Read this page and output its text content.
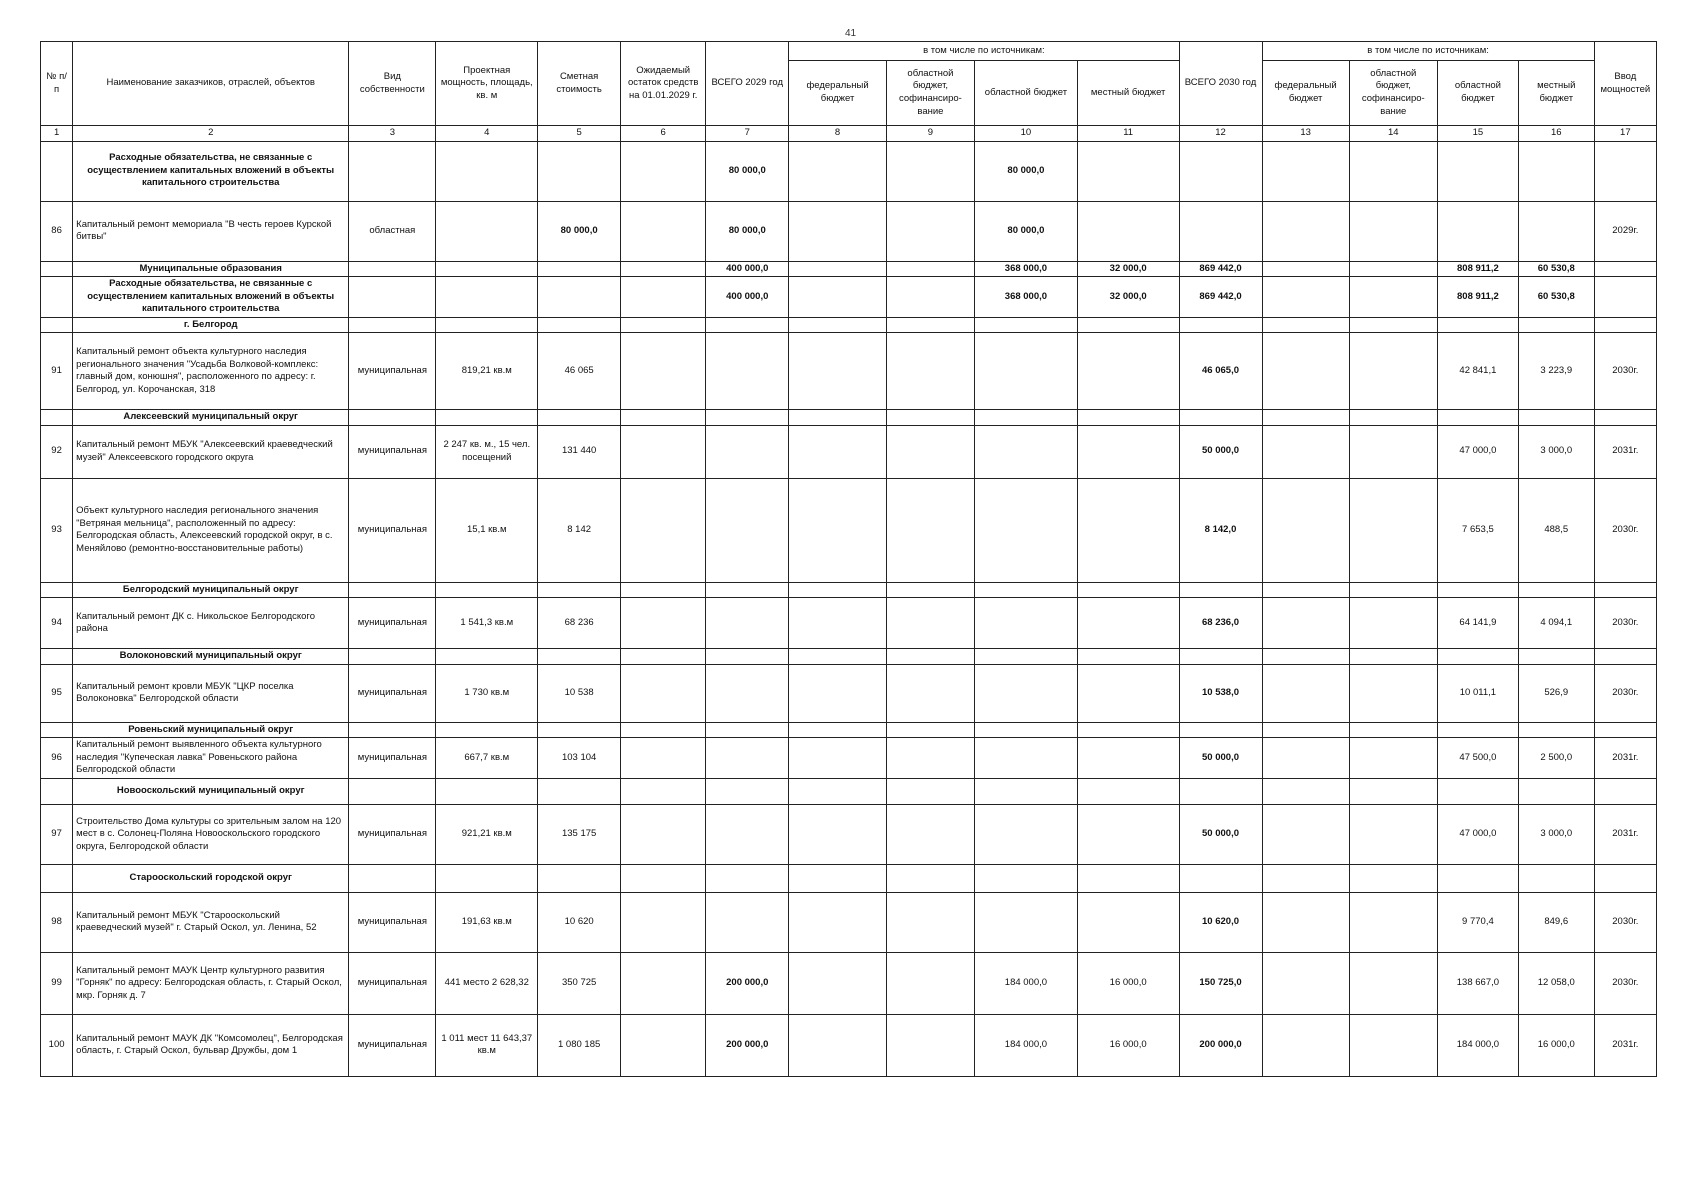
41
№ п/п	Наименование заказчиков, отраслей, объектов	Вид собственности	Проектная мощность, площадь, кв. м	Сметная стоимость	Ожидаемый остаток средств на 01.01.2029 г.	ВСЕГО 2029 год	в том числе по источникам:				ВСЕГО 2030 год	в том числе по источникам:				Ввод мощностей
							федеральный бюджет	областной бюджет, софинансиро-вание	областной бюджет	местный бюджет		федеральный бюджет	областной бюджет, софинансиро-вание	областной бюджет	местный бюджет	
1	2	3	4	5	6	7	8	9	10	11	12	13	14	15	16	17
	Расходные обязательства, не связанные с осуществлением капитальных вложений в объекты капитального строительства					80 000,0			80 000,0							
86	Капитальный ремонт мемориала "В честь героев Курской битвы"	областная		80 000,0		80 000,0			80 000,0							2029г.
	Муниципальные образования					400 000,0			368 000,0	32 000,0	869 442,0			808 911,2	60 530,8	
	Расходные обязательства, не связанные с осуществлением капитальных вложений в объекты капитального строительства					400 000,0			368 000,0	32 000,0	869 442,0			808 911,2	60 530,8	
	г. Белгород															
91	Капитальный ремонт объекта культурного наследия регионального значения "Усадьба Волковой-комплекс: главный дом, конюшня", расположенного по адресу: г. Белгород, ул. Корочанская, 318	муниципальная	819,21 кв.м	46 065							46 065,0			42 841,1	3 223,9	2030г.
	Алексеевский муниципальный округ															
92	Капитальный ремонт МБУК "Алексеевский краеведческий музей" Алексеевского городского округа	муниципальная	2 247 кв. м., 15 чел. посещений	131 440							50 000,0			47 000,0	3 000,0	2031г.
93	Объект культурного наследия регионального значения "Ветряная мельница", расположенный по адресу: Белгородская область, Алексеевский городской округ, в с. Меняйлово (ремонтно-восстановительные работы)	муниципальная	15,1 кв.м	8 142							8 142,0			7 653,5	488,5	2030г.
	Белгородский муниципальный округ															
94	Капитальный ремонт ДК с. Никольское Белгородского района	муниципальная	1 541,3 кв.м	68 236							68 236,0			64 141,9	4 094,1	2030г.
	Волоконовский муниципальный округ															
95	Капитальный ремонт кровли МБУК "ЦКР поселка Волоконовка" Белгородской области	муниципальная	1 730 кв.м	10 538							10 538,0			10 011,1	526,9	2030г.
	Ровеньский муниципальный округ															
96	Капитальный ремонт выявленного объекта культурного наследия "Купеческая лавка" Ровеньского района Белгородской области	муниципальная	667,7 кв.м	103 104							50 000,0			47 500,0	2 500,0	2031г.
	Новооскольский муниципальный округ															
97	Строительство Дома культуры со зрительным залом на 120 мест в с. Солонец-Поляна Новооскольского городского округа, Белгородской области	муниципальная	921,21 кв.м	135 175							50 000,0			47 000,0	3 000,0	2031г.
	Старооскольский городской округ															
98	Капитальный ремонт МБУК "Старооскольский краеведческий музей" г. Старый Оскол, ул. Ленина, 52	муниципальная	191,63 кв.м	10 620							10 620,0			9 770,4	849,6	2030г.
99	Капитальный ремонт МАУК Центр культурного развития "Горняк" по адресу: Белгородская область, г. Старый Оскол, мкр. Горняк д. 7	муниципальная	441 место 2 628,32	350 725		200 000,0			184 000,0	16 000,0	150 725,0			138 667,0	12 058,0	2030г.
100	Капитальный ремонт МАУК ДК "Комсомолец", Белгородская область, г. Старый Оскол, бульвар Дружбы, дом 1	муниципальная	1 011 мест 11 643,37 кв.м	1 080 185		200 000,0			184 000,0	16 000,0	200 000,0			184 000,0	16 000,0	2031г.
